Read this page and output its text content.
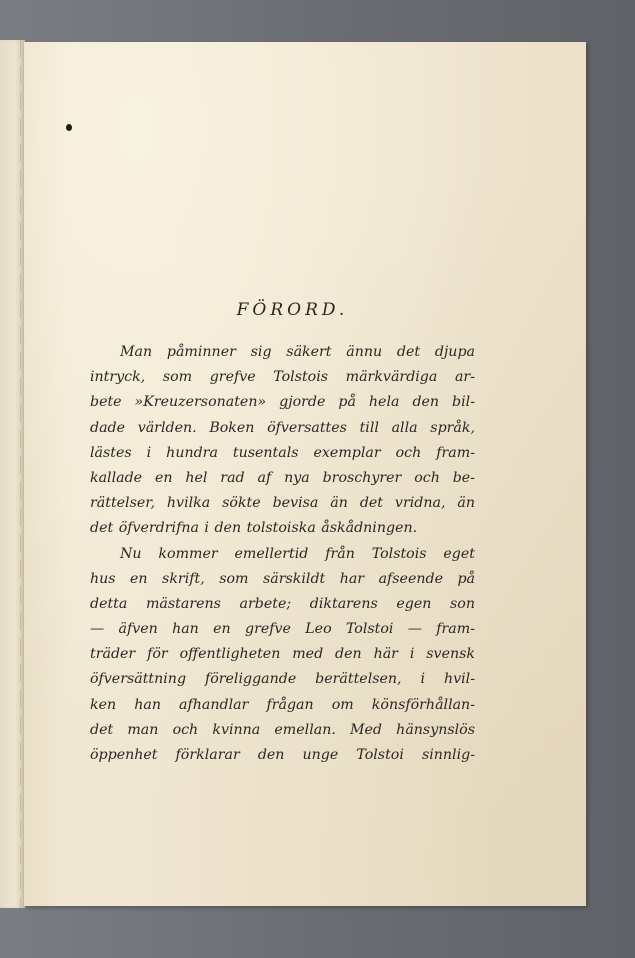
FÖRORD.
Man påminner sig säkert ännu det djupa
intryck, som grefve Tolstois märkvärdiga ar-
bete »Kreuzersonaten» gjorde på hela den bil-
dade världen. Boken öfversattes till alla språk,
lästes i hundra tusentals exemplar och fram-
kallade en hel rad af nya broschyrer och be-
rättelser, hvilka sökte bevisa än det vridna, än
det öfverdrifna i den tolstoiska åskådningen.
Nu kommer emellertid från Tolstois eget
hus en skrift, som särskildt har afseende på
detta mästarens arbete; diktarens egen son
— äfven han en grefve Leo Tolstoi — fram-
träder för offentligheten med den här i svensk
öfversättning föreliggande berättelsen, i hvil-
ken han afhandlar frågan om könsförhållan-
det man och kvinna emellan. Med hänsynslös
öppenhet förklarar den unge Tolstoi sinnlig-
